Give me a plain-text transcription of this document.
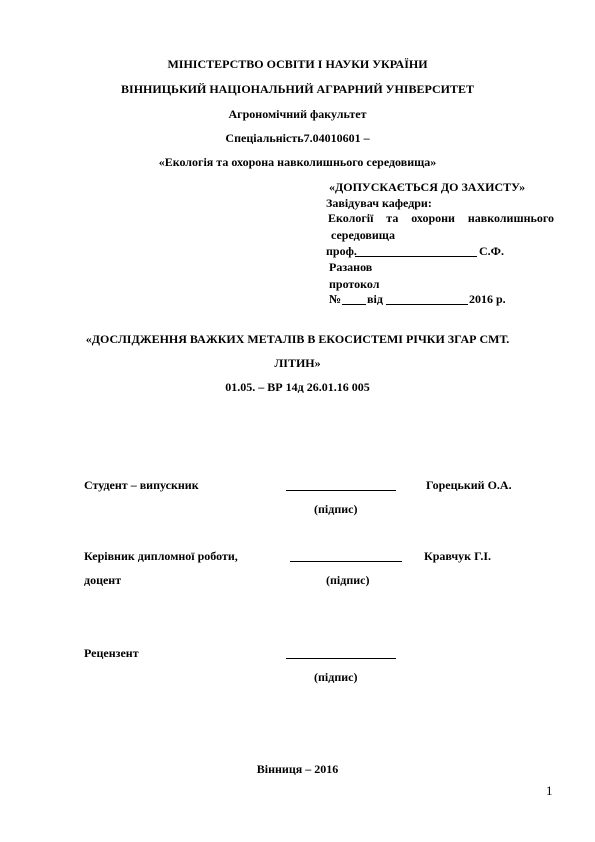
МІНІСТЕРСТВО ОСВІТИ І НАУКИ УКРАЇНИ
ВІННИЦЬКИЙ НАЦІОНАЛЬНИЙ АГРАРНИЙ УНІВЕРСИТЕТ
Агрономічний факультет
Спеціальність7.04010601 –
«Екологія та охорона навколишнього середовища»
«ДОПУСКАЄТЬСЯ ДО ЗАХИСТУ»
Завідувач кафедри:
Екології та охорони навколишнього
середовища
проф.	С.Ф.
Разанов
протокол
№ від	2016 р.
«ДОСЛІДЖЕННЯ ВАЖКИХ МЕТАЛІВ В ЕКОСИСТЕМІ РІЧКИ ЗГАР СМТ.
ЛІТИН»
01.05. – ВР 14д 26.01.16 005
Студент – випускник	Горецький О.А.
(підпис)
Керівник дипломної роботи,	Кравчук Г.І.
доцент	(підпис)
Рецензент
(підпис)
Вінниця – 2016
1
